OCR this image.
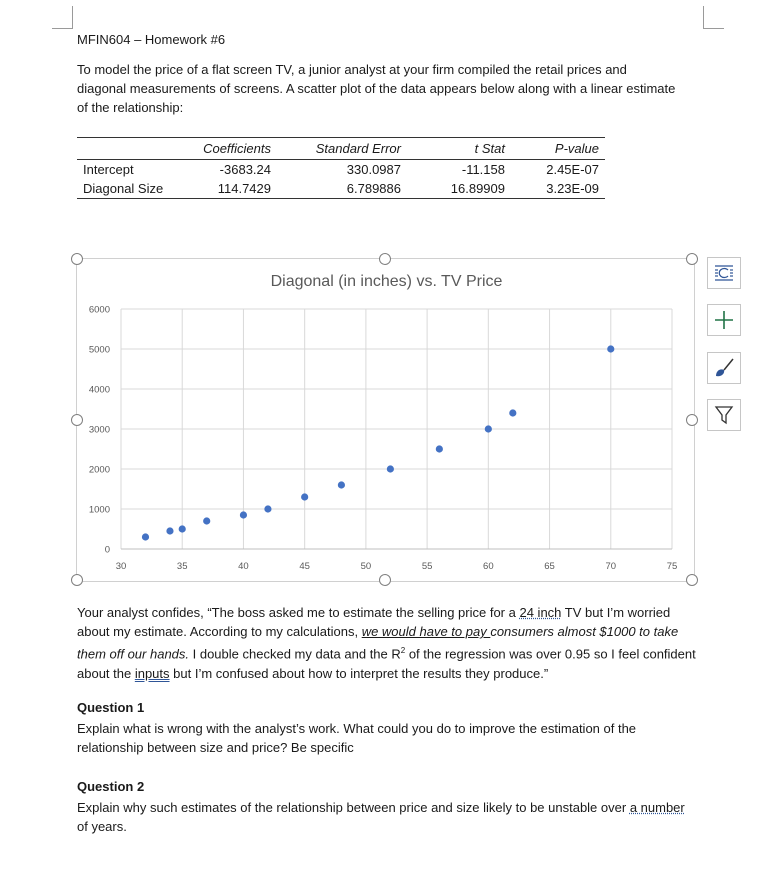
MFIN604 – Homework #6
To model the price of a flat screen TV, a junior analyst at your firm compiled the retail prices and diagonal measurements of screens. A scatter plot of the data appears below along with a linear estimate of the relationship:
	Coefficients	Standard Error	t Stat	P-value
Intercept	-3683.24	330.0987	-11.158	2.45E-07
Diagonal Size	114.7429	6.789886	16.89909	3.23E-09
Diagonal (in inches) vs. TV Price
0
1000
2000
3000
4000
5000
6000
30	35	40	45	50	55	60	65	70	75
Your analyst confides, “The boss asked me to estimate the selling price for a 24 inch TV but I’m worried about my estimate. According to my calculations, we would have to pay consumers almost $1000 to take them off our hands. I double checked my data and the $R^2$ of the regression was over 0.95 so I feel confident about the inputs but I’m confused about how to interpret the results they produce.”
Question 1
Explain what is wrong with the analyst’s work. What could you do to improve the estimation of the relationship between size and price? Be specific
Question 2
Explain why such estimates of the relationship between price and size likely to be unstable over a number of years.
